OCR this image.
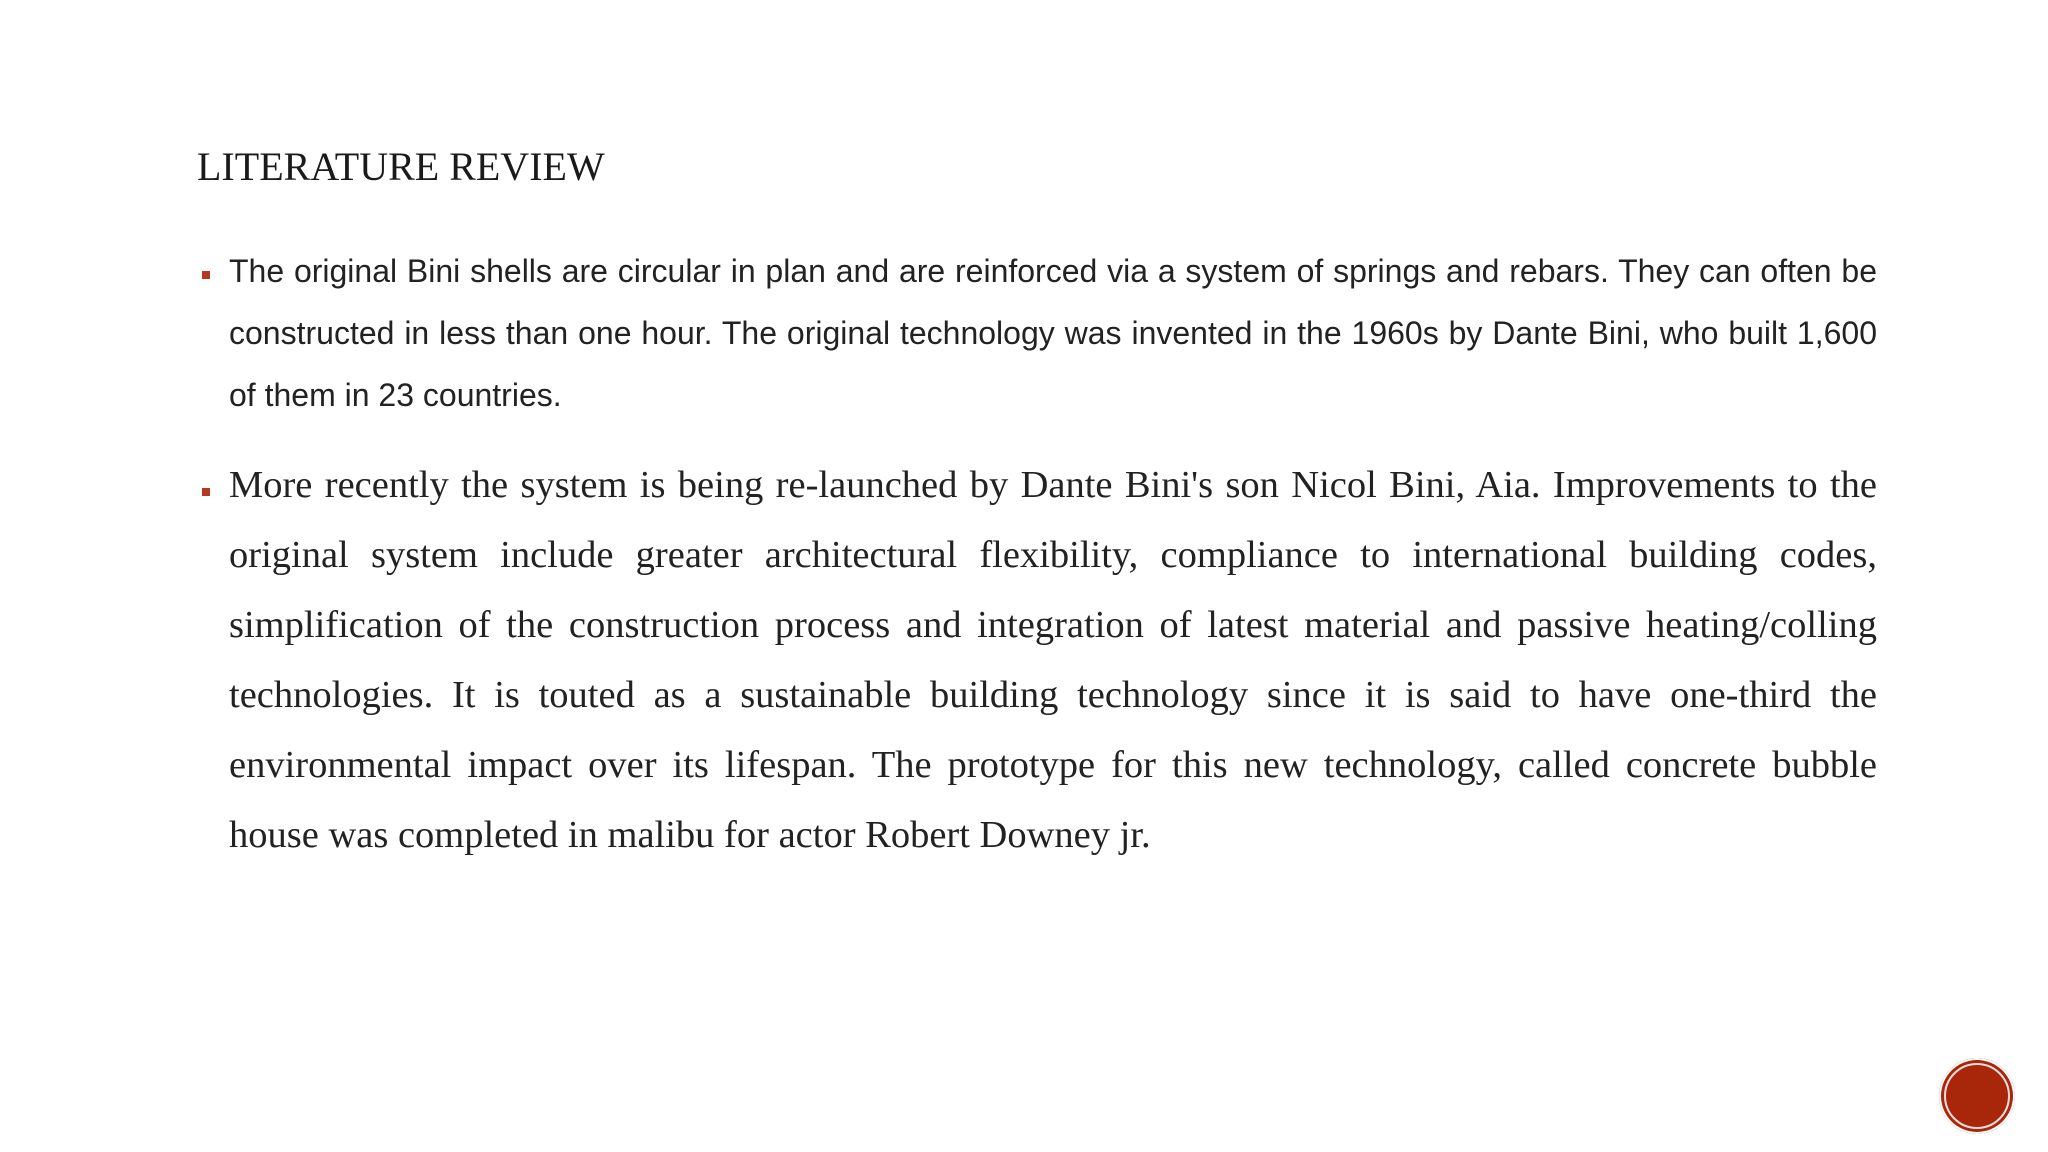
LITERATURE REVIEW
The original Bini shells are circular in plan and are reinforced via a system of springs and rebars. They can often be constructed in less than one hour. The original technology was invented in the 1960s by Dante Bini, who built 1,600 of them in 23 countries.
More recently the system is being re-launched by Dante Bini's son Nicol Bini, Aia. Improvements to the original system include greater architectural flexibility, compliance to international building codes, simplification of the construction process and integration of latest material and passive heating/colling technologies. It is touted as a sustainable building technology since it is said to have one-third the environmental impact over its lifespan. The prototype for this new technology, called concrete bubble house was completed in malibu for actor Robert Downey jr.
